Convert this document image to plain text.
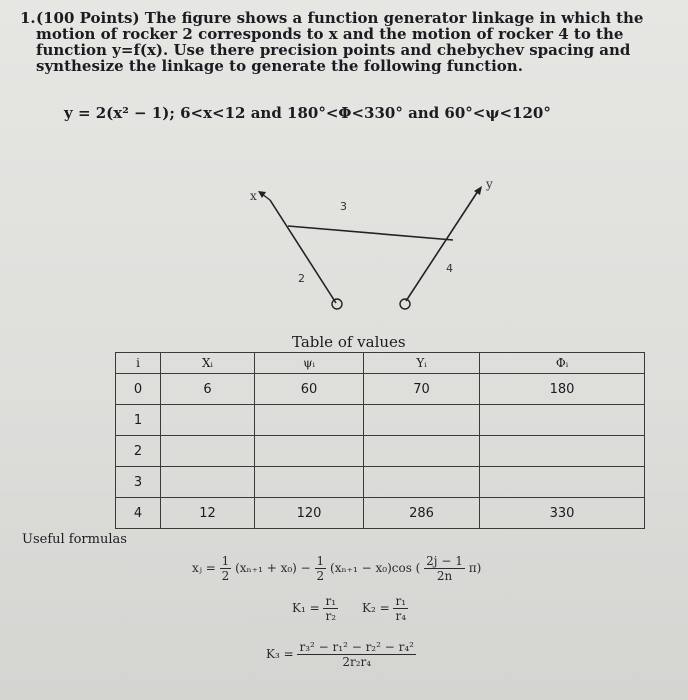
1. (100 Points) The figure shows a function generator linkage in which the motion of rocker 2 corresponds to x and the motion of rocker 4 to the function y=f(x). Use there precision points and chebychev spacing and synthesize the linkage to generate the following function.
y = 2(x² − 1); 6<x<12 and 180°<Φ<330° and 60°<ψ<120°
x
2
3
y
4
Table of values
i	Xᵢ	ψᵢ	Yᵢ	Φᵢ
0	6	60	70	180
1				
2				
3				
4	12	120	286	330
Useful formulas
xⱼ = $\frac{1}{2} (x_{n+1} + x_0) - \frac{1}{2} (x_{n+1} - x_0)\cos$ ( $\frac{2j - 1}{2n} \pi$)
$K_1 = \frac{\text{r₁}}{\text{r₂}} K_2 = \frac{\text{r₁}}{\text{r₄}}$
$K_3 = \frac{\text{r₃² − r₁² − r₂² − r₄²}}{\text{2r₂r₄}}$
